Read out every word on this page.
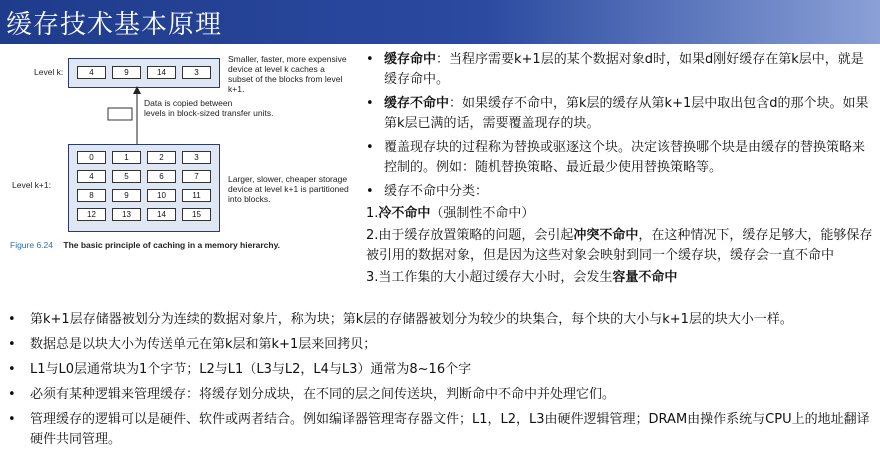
缓存技术基本原理
Level k:	4	9	14	3
Smaller, faster, more expensive
device at level k caches a
subset of the blocks from level k+1.
Data is copied between
levels in block-sized transfer units.
Level k+1:
0	1	2	3
4	5	6	7
8	9	10	11
12	13	14	15
Larger, slower, cheaper storage
device at level k+1 is partitioned
into blocks.
Figure 6.24 The basic principle of caching in a memory hierarchy.
• 缓存命中：当程序需要k+1层的某个数据对象d时，如果d刚好缓存在第k层中，就是缓存命中。
• 缓存不命中：如果缓存不命中，第k层的缓存从第k+1层中取出包含d的那个块。如果第k层已满的话，需要覆盖现存的块。
• 覆盖现存块的过程称为替换或驱逐这个块。决定该替换哪个块是由缓存的替换策略来控制的。例如：随机替换策略、最近最少使用替换策略等。
• 缓存不命中分类：
1.冷不命中（强制性不命中）
2.由于缓存放置策略的问题，会引起冲突不命中，在这种情况下，缓存足够大，能够保存被引用的数据对象，但是因为这些对象会映射到同一个缓存块，缓存会一直不命中
3.当工作集的大小超过缓存大小时，会发生容量不命中
• 第k+1层存储器被划分为连续的数据对象片，称为块；第k层的存储器被划分为较少的块集合，每个块的大小与k+1层的块大小一样。
• 数据总是以块大小为传送单元在第k层和第k+1层来回拷贝；
• L1与L0层通常块为1个字节；L2与L1（L3与L2，L4与L3）通常为8~16个字
• 必须有某种逻辑来管理缓存：将缓存划分成块，在不同的层之间传送块，判断命中不命中并处理它们。
• 管理缓存的逻辑可以是硬件、软件或两者结合。例如编译器管理寄存器文件；L1，L2，L3由硬件逻辑管理；DRAM由操作系统与CPU上的地址翻译硬件共同管理。
